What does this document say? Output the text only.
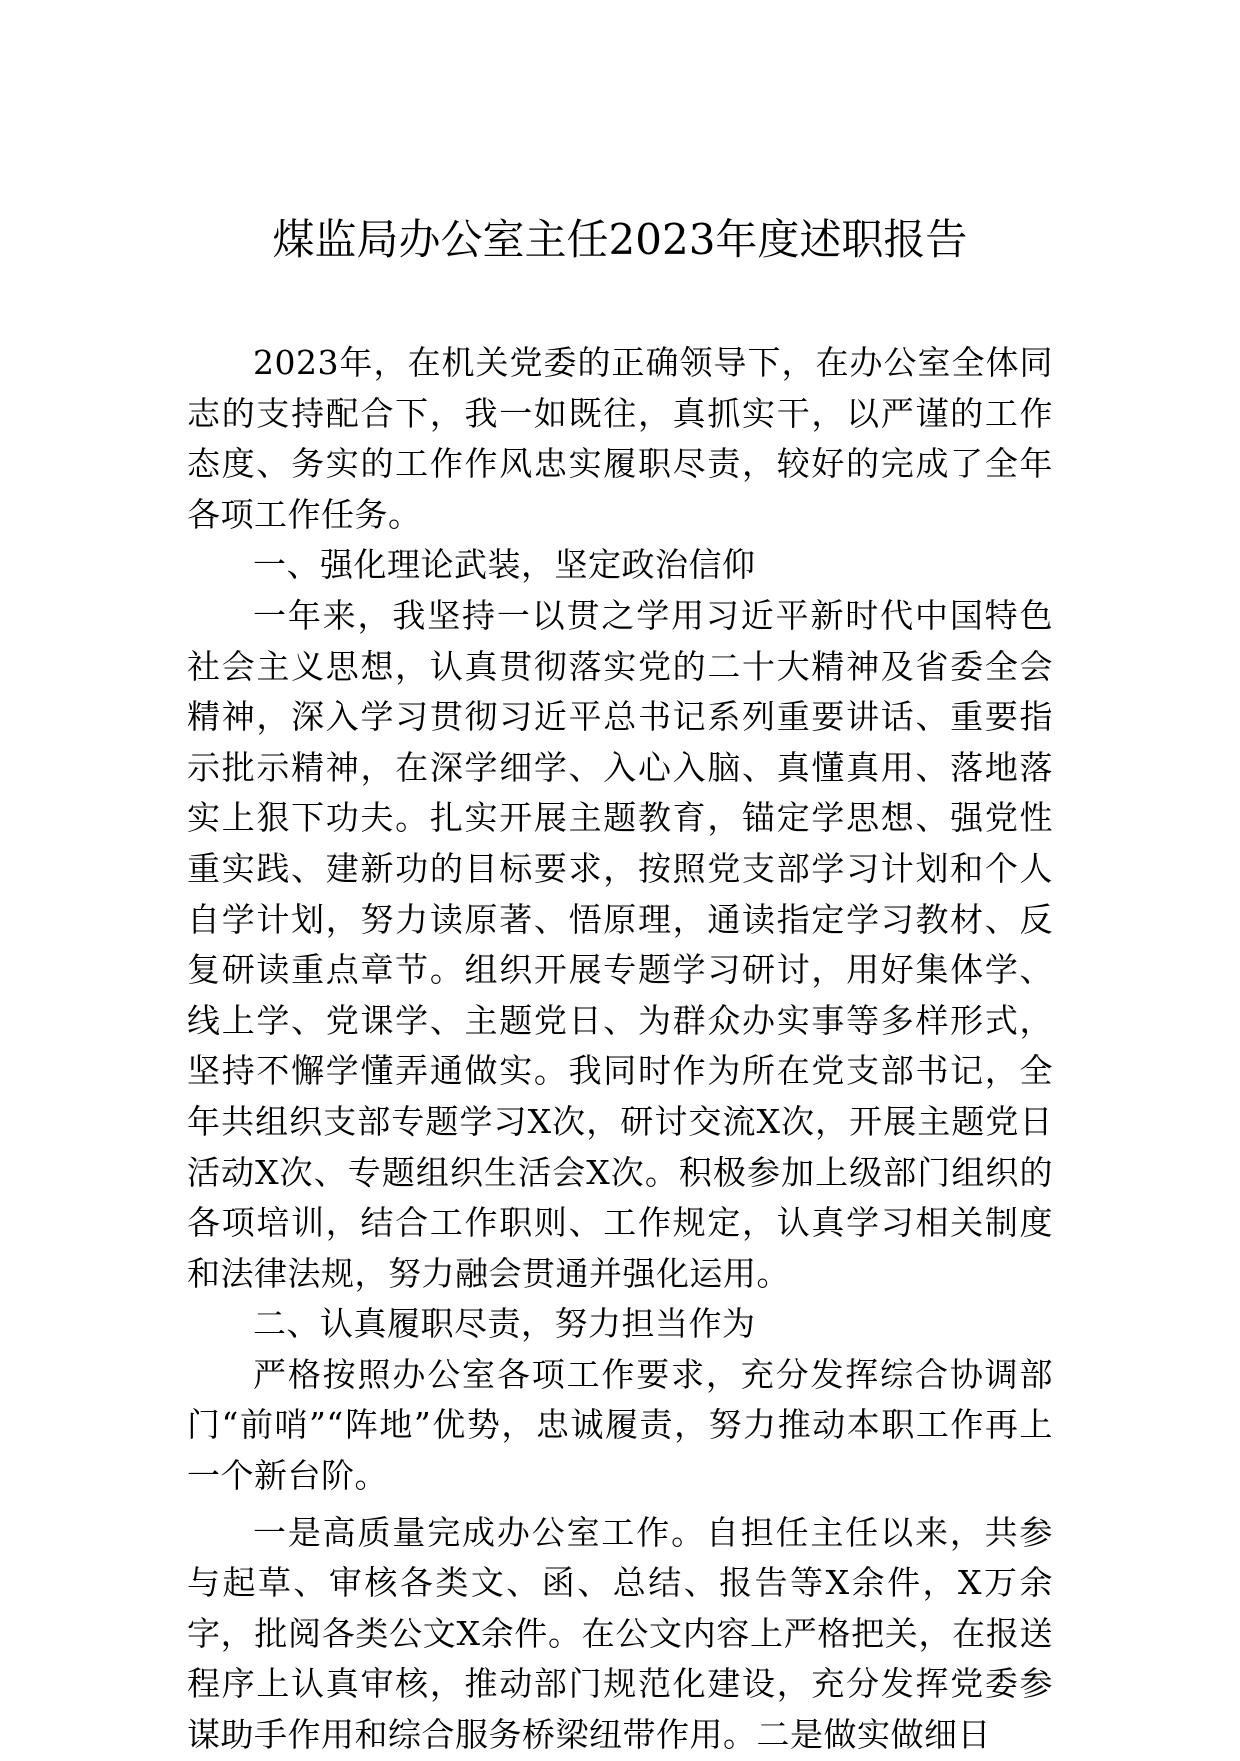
煤监局办公室主任2023年度述职报告

2023年，在机关党委的正确领导下，在办公室全体同志的支持配合下，我一如既往，真抓实干，以严谨的工作态度、务实的工作作风忠实履职尽责，较好的完成了全年各项工作任务。

一、强化理论武装，坚定政治信仰

一年来，我坚持一以贯之学用习近平新时代中国特色社会主义思想，认真贯彻落实党的二十大精神及省委全会精神，深入学习贯彻习近平总书记系列重要讲话、重要指示批示精神，在深学细学、入心入脑、真懂真用、落地落实上狠下功夫。扎实开展主题教育，锚定学思想、强党性重实践、建新功的目标要求，按照党支部学习计划和个人自学计划，努力读原著、悟原理，通读指定学习教材、反复研读重点章节。组织开展专题学习研讨，用好集体学、线上学、党课学、主题党日、为群众办实事等多样形式，坚持不懈学懂弄通做实。我同时作为所在党支部书记，全年共组织支部专题学习X次，研讨交流X次，开展主题党日活动X次、专题组织生活会X次。积极参加上级部门组织的各项培训，结合工作职则、工作规定，认真学习相关制度和法律法规，努力融会贯通并强化运用。

二、认真履职尽责，努力担当作为

严格按照办公室各项工作要求，充分发挥综合协调部门“前哨”“阵地”优势，忠诚履责，努力推动本职工作再上一个新台阶。

一是高质量完成办公室工作。自担任主任以来，共参与起草、审核各类文、函、总结、报告等X余件，X万余字，批阅各类公文X余件。在公文内容上严格把关，在报送程序上认真审核，推动部门规范化建设，充分发挥党委参谋助手作用和综合服务桥梁纽带作用。二是做实做细日
